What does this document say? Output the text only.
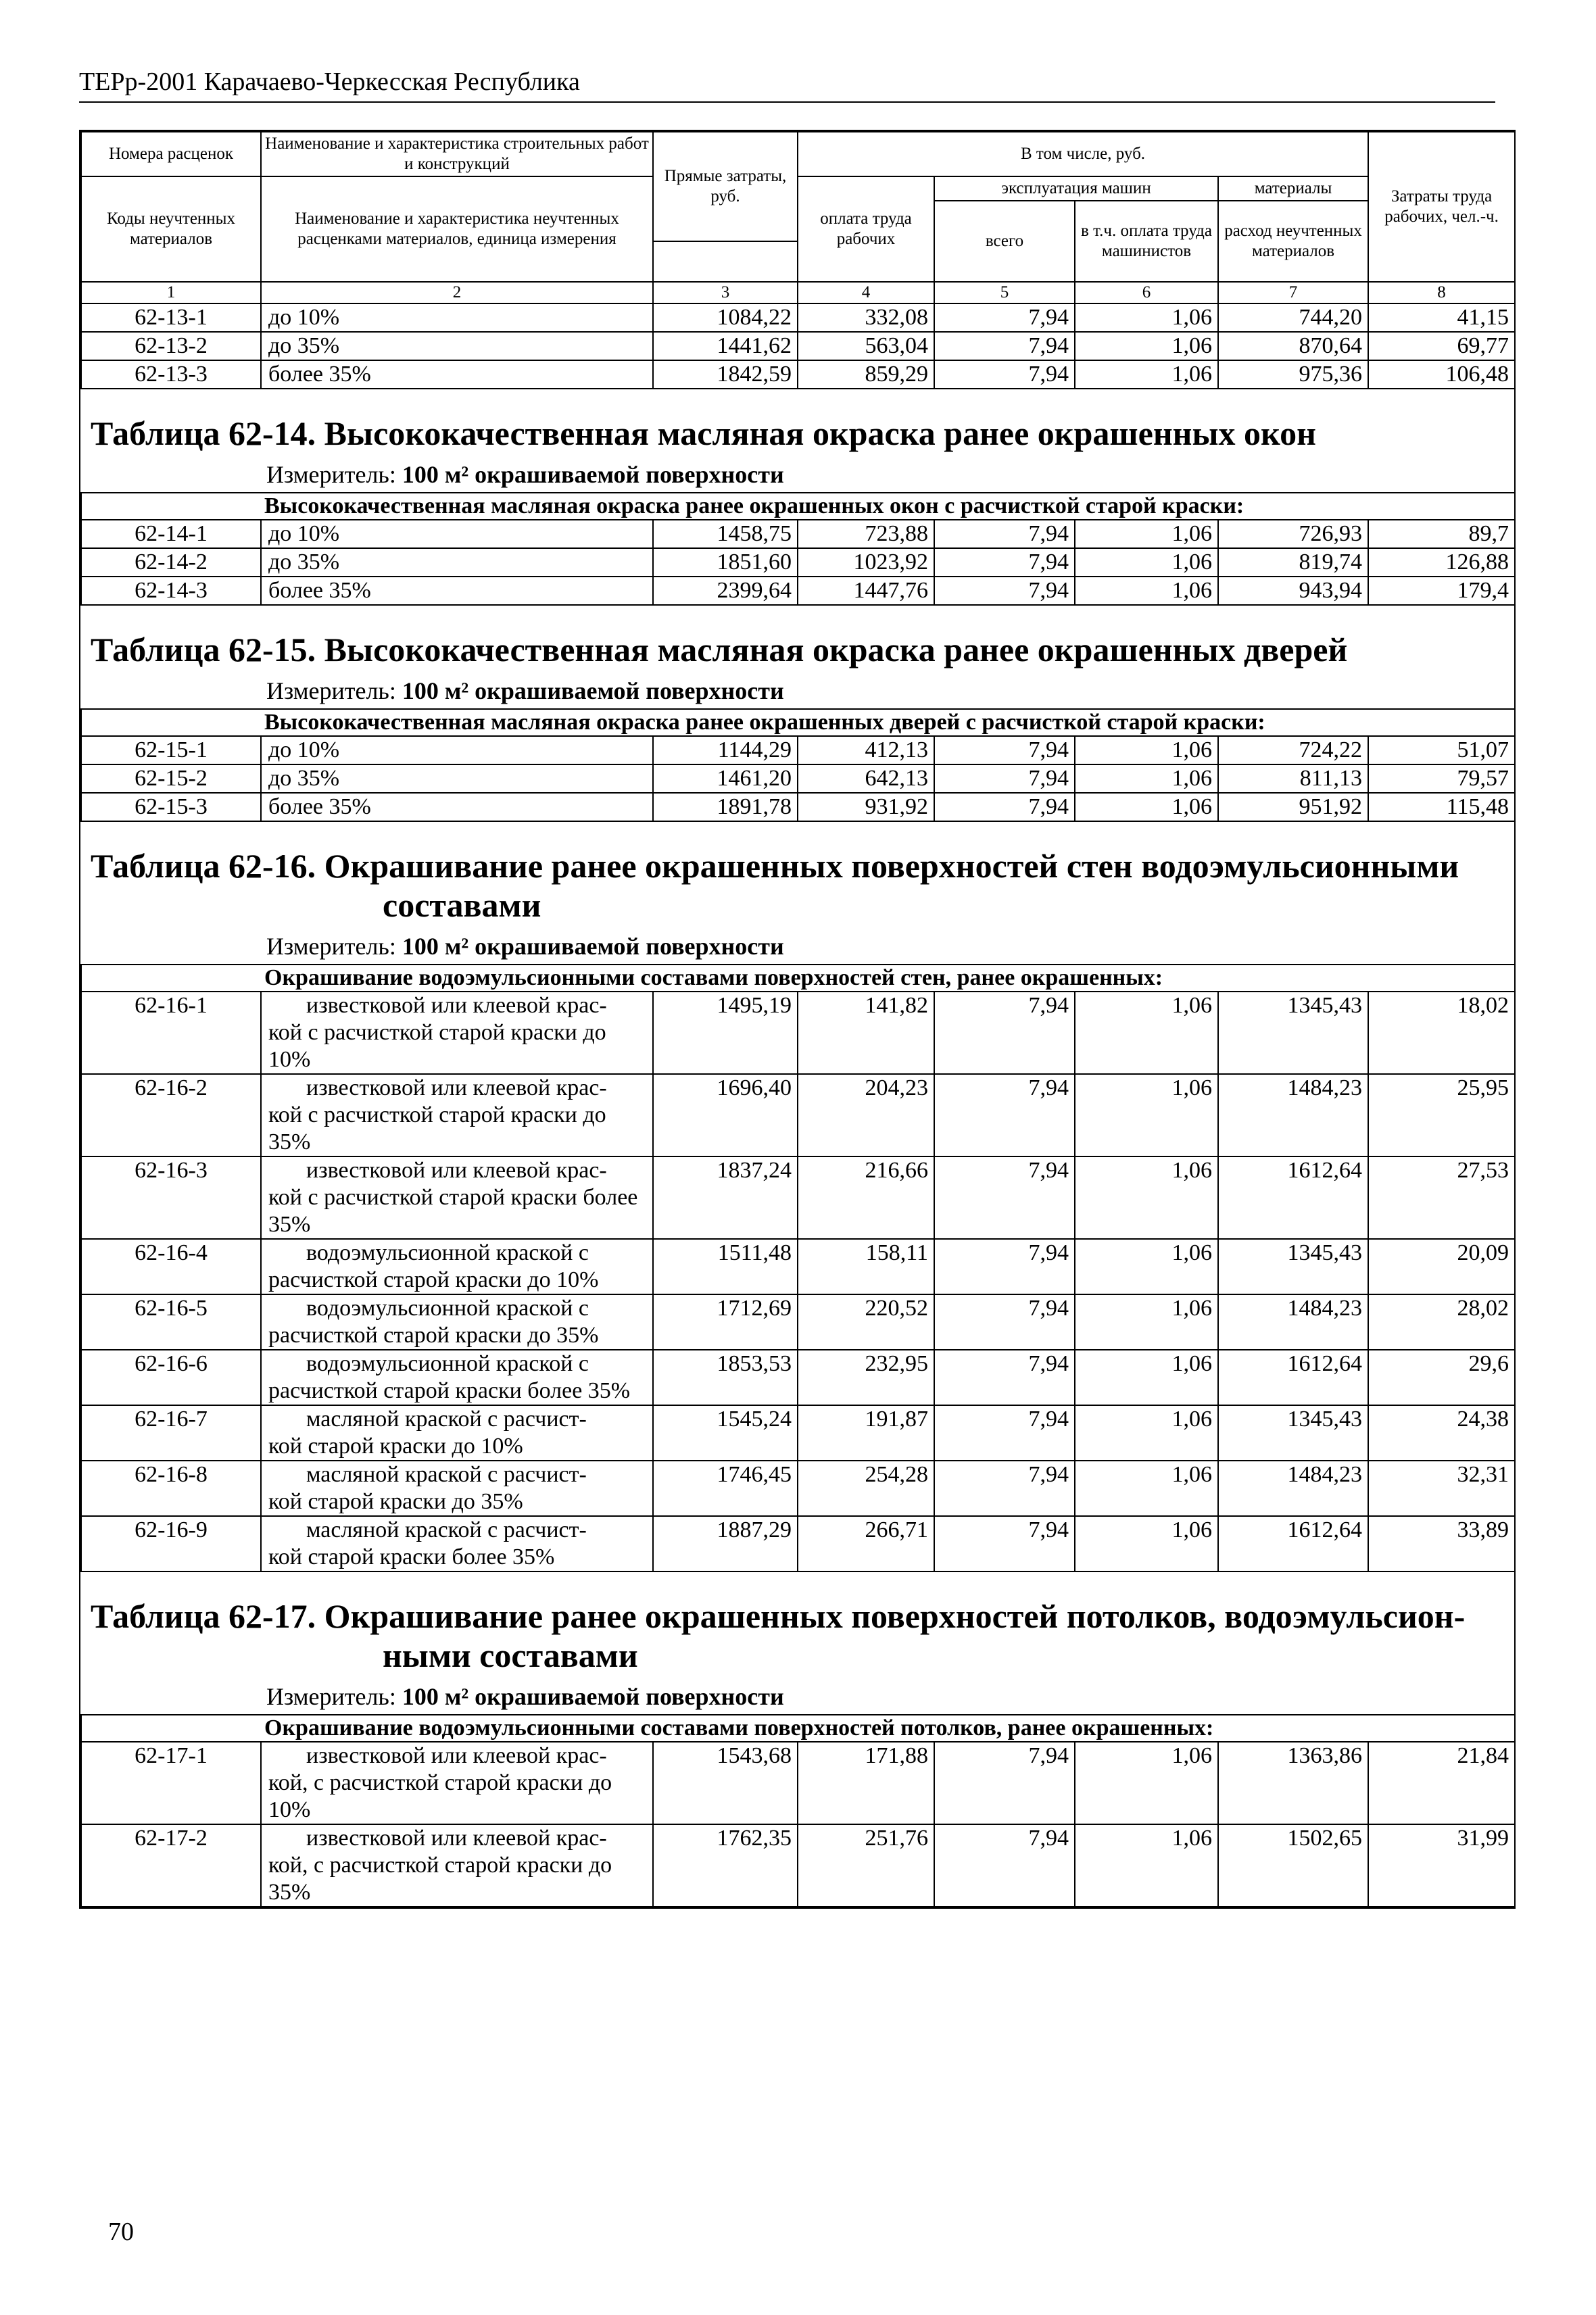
ТЕРр-2001 Карачаево-Черкесская Республика
Номера расценок	Наименование и характеристика строительных работ и конструкций	Прямые затраты, руб.	В том числе, руб.				Затраты труда рабочих, чел.-ч.
Коды неучтенных материалов	Наименование и характеристика неучтенных расценками материалов, единица измерения		оплата труда рабочих	эксплуатация машин		материалы	
				всего	в т.ч. оплата труда машинистов	расход неучтенных материалов	

1	2	3	4	5	6	7	8
62-13-1	до 10%	1084,22	332,08	7,94	1,06	744,20	41,15
62-13-2	до 35%	1441,62	563,04	7,94	1,06	870,64	69,77
62-13-3	более 35%	1842,59	859,29	7,94	1,06	975,36	106,48

Таблица 62-14. Высококачественная масляная окраска ранее окрашенных окон
Измеритель: 100 м² окрашиваемой поверхности							

Высококачественная масляная окраска ранее окрашенных окон с расчисткой старой краски:							
62-14-1	до 10%	1458,75	723,88	7,94	1,06	726,93	89,7
62-14-2	до 35%	1851,60	1023,92	7,94	1,06	819,74	126,88
62-14-3	более 35%	2399,64	1447,76	7,94	1,06	943,94	179,4

Таблица 62-15. Высококачественная масляная окраска ранее окрашенных дверей
Измеритель: 100 м² окрашиваемой поверхности							

Высококачественная масляная окраска ранее окрашенных дверей с расчисткой старой краски:							
62-15-1	до 10%	1144,29	412,13	7,94	1,06	724,22	51,07
62-15-2	до 35%	1461,20	642,13	7,94	1,06	811,13	79,57
62-15-3	более 35%	1891,78	931,92	7,94	1,06	951,92	115,48

Таблица 62-16. Окрашивание ранее окрашенных поверхностей стен водоэмульсионными
составами
Измеритель: 100 м² окрашиваемой поверхности							

Окрашивание водоэмульсионными составами поверхностей стен, ранее окрашенных:							
62-16-1	известковой или клеевой крас-
кой с расчисткой старой краски до 10%	1495,19	141,82	7,94	1,06	1345,43	18,02
62-16-2	известковой или клеевой крас-
кой с расчисткой старой краски до 35%	1696,40	204,23	7,94	1,06	1484,23	25,95
62-16-3	известковой или клеевой крас-
кой с расчисткой старой краски более 35%	1837,24	216,66	7,94	1,06	1612,64	27,53
62-16-4	водоэмульсионной краской с
расчисткой старой краски до 10%	1511,48	158,11	7,94	1,06	1345,43	20,09
62-16-5	водоэмульсионной краской с
расчисткой старой краски до 35%	1712,69	220,52	7,94	1,06	1484,23	28,02
62-16-6	водоэмульсионной краской с
расчисткой старой краски более 35%	1853,53	232,95	7,94	1,06	1612,64	29,6
62-16-7	масляной краской с расчист-
кой старой краски до 10%	1545,24	191,87	7,94	1,06	1345,43	24,38
62-16-8	масляной краской с расчист-
кой старой краски до 35%	1746,45	254,28	7,94	1,06	1484,23	32,31
62-16-9	масляной краской с расчист-
кой старой краски более 35%	1887,29	266,71	7,94	1,06	1612,64	33,89

Таблица 62-17. Окрашивание ранее окрашенных поверхностей потолков, водоэмульсион-
ными составами
Измеритель: 100 м² окрашиваемой поверхности							

Окрашивание водоэмульсионными составами поверхностей потолков, ранее окрашенных:							
62-17-1	известковой или клеевой крас-
кой, с расчисткой старой краски до 10%	1543,68	171,88	7,94	1,06	1363,86	21,84
62-17-2	известковой или клеевой крас-
кой, с расчисткой старой краски до 35%	1762,35	251,76	7,94	1,06	1502,65	31,99
70
